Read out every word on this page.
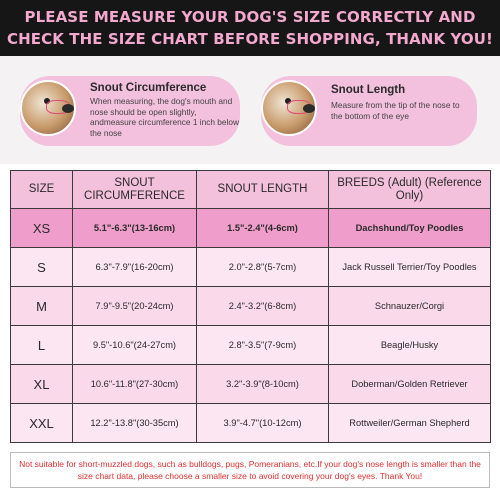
PLEASE MEASURE YOUR DOG'S SIZE CORRECTLY AND
CHECK THE SIZE CHART BEFORE SHOPPING, THANK YOU!
Snout Circumference
When measuring, the dog's mouth and nose should be open slightly, andmeasure circumference 1 inch below the nose
Snout Length
Measure from the tip of the nose to the bottom of the eye
SIZE	SNOUT CIRCUMFERENCE	SNOUT LENGTH	BREEDS (Adult) (Reference Only)
XS	5.1"-6.3"(13-16cm)	1.5"-2.4"(4-6cm)	Dachshund/Toy Poodles
S	6.3"-7.9"(16-20cm)	2.0"-2.8"(5-7cm)	Jack Russell Terrier/Toy Poodles
M	7.9"-9.5"(20-24cm)	2.4"-3.2"(6-8cm)	Schnauzer/Corgi
L	9.5"-10.6"(24-27cm)	2.8"-3.5"(7-9cm)	Beagle/Husky
XL	10.6"-11.8"(27-30cm)	3.2"-3.9"(8-10cm)	Doberman/Golden Retriever
XXL	12.2"-13.8"(30-35cm)	3.9"-4.7"(10-12cm)	Rottweiler/German Shepherd
Not suitable for short-muzzled dogs, such as bulldogs, pugs, Pomeranians, etc.If your dog's nose length is smaller than the size chart data, please choose a smaller size to avoid covering your dog's eyes. Thank You!
